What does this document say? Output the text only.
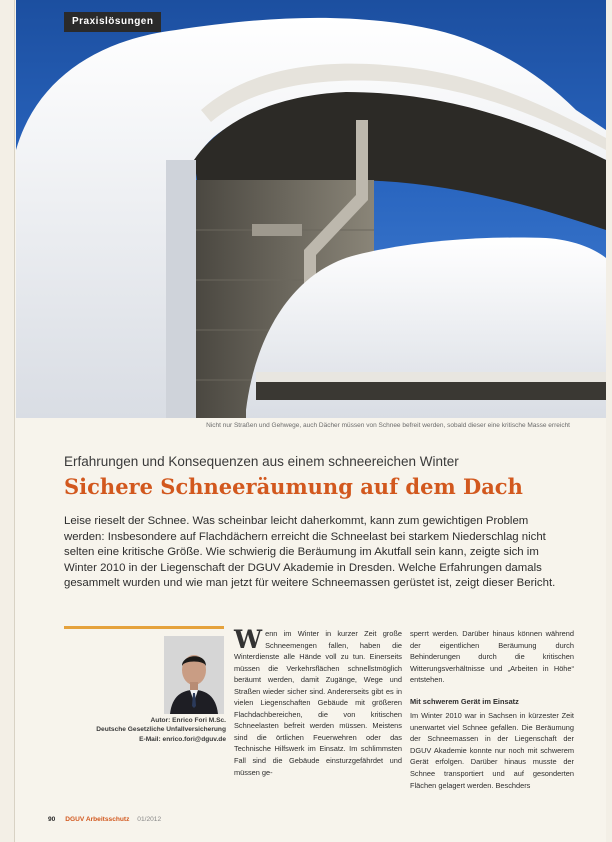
Praxislösungen
Nicht nur Straßen und Gehwege, auch Dächer müssen von Schnee befreit werden, sobald dieser eine kritische Masse erreicht
Erfahrungen und Konsequenzen aus einem schneereichen Winter
Sichere Schneeräumung auf dem Dach
Leise rieselt der Schnee. Was scheinbar leicht daherkommt, kann zum gewichtigen Problem werden: Insbesondere auf Flachdächern erreicht die Schneelast bei starkem Niederschlag nicht selten eine kritische Größe. Wie schwierig die Beräumung im Akutfall sein kann, zeigte sich im Winter 2010 in der Liegenschaft der DGUV Akademie in Dresden. Welche Erfahrungen damals gesammelt wurden und wie man jetzt für weitere Schneemassen gerüstet ist, zeigt dieser Bericht.
Autor: Enrico Fori M.Sc.
Deutsche Gesetzliche Unfallversicherung
E-Mail: enrico.fori@dguv.de
Wenn im Winter in kurzer Zeit große Schneemengen fallen, haben die Winterdienste alle Hände voll zu tun. Einerseits müssen die Verkehrsflächen schnellstmöglich beräumt werden, damit Zugänge, Wege und Straßen wieder sicher sind. Andererseits gibt es in vielen Liegenschaften Gebäude mit größeren Flachdachbereichen, die von kritischen Schneelasten befreit werden müssen. Meistens sind die örtlichen Feuerwehren oder das Technische Hilfswerk im Einsatz. Im schlimmsten Fall sind die Gebäude einsturzgefährdet und müssen ge-
sperrt werden. Darüber hinaus können während der eigentlichen Beräumung durch Behinderungen durch die kritischen Witterungsverhältnisse und „Arbeiten in Höhe“ entstehen.
Mit schwerem Gerät im Einsatz
Im Winter 2010 war in Sachsen in kürzester Zeit unerwartet viel Schnee gefallen. Die Beräumung der Schneemassen in der Liegenschaft der DGUV Akademie konnte nur noch mit schwerem Gerät erfolgen. Darüber hinaus musste der Schnee transportiert und auf gesonderten Flächen gelagert werden. Beschders
90 DGUV Arbeitsschutz 01/2012
